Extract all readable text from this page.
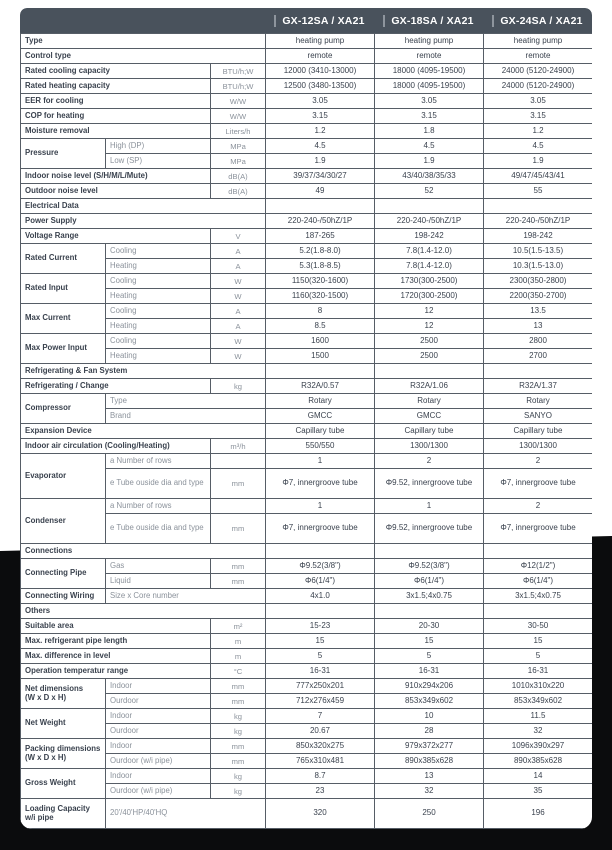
GX-12SA / XA21	GX-18SA / XA21	GX-24SA / XA21
Type			heating pump	heating pump	heating pump

Control type			remote	remote	remote

Rated cooling capacity		BTU/h;W	12000 (3410-13000)	18000 (4095-19500)	24000 (5120-24900)

Rated heating capacity		BTU/h;W	12500 (3480-13500)	18000 (4095-19500)	24000 (5120-24900)

EER for cooling		W/W	3.05	3.05	3.05

COP for heating		W/W	3.15	3.15	3.15

Moisture removal		Liters/h	1.2	1.8	1.2

Pressure	High (DP)	MPa	4.5	4.5	4.5
	Low (SP)	MPa	1.9	1.9	1.9

Indoor noise level (S/H/M/L/Mute)		dB(A)	39/37/34/30/27	43/40/38/35/33	49/47/45/43/41

Outdoor noise level		dB(A)	49	52	55

Electrical Data					

Power Supply			220-240-/50hZ/1P	220-240-/50hZ/1P	220-240-/50hZ/1P

Voltage Range		V	187-265	198-242	198-242

Rated Current	Cooling	A	5.2(1.8-8.0)	7.8(1.4-12.0)	10.5(1.5-13.5)
	Heating	A	5.3(1.8-8.5)	7.8(1.4-12.0)	10.3(1.5-13.0)

Rated Input	Cooling	W	1150(320-1600)	1730(300-2500)	2300(350-2800)
	Heating	W	1160(320-1500)	1720(300-2500)	2200(350-2700)

Max Current	Cooling	A	8	12	13.5
	Heating	A	8.5	12	13

Max Power Input	Cooling	W	1600	2500	2800
	Heating	W	1500	2500	2700

Refrigerating & Fan System					

Refrigerating / Change		kg	R32A/0.57	R32A/1.06	R32A/1.37

Compressor	Type		Rotary	Rotary	Rotary
	Brand		GMCC	GMCC	SANYO

Expansion Device			Capillary tube	Capillary tube	Capillary tube

Indoor air circulation (Cooling/Heating)		m³/h	550/550	1300/1300	1300/1300

Evaporator	a Number of rows		1	2	2
	e Tube ouside dia and type	mm	Φ7, innergroove tube	Φ9.52, innergroove tube	Φ7, innergroove tube

Condenser	a Number of rows		1	1	2
	e Tube ouside dia and type	mm	Φ7, innergroove tube	Φ9.52, innergroove tube	Φ7, innergroove tube

Connections					

Connecting Pipe	Gas	mm	Φ9.52(3/8")	Φ9.52(3/8")	Φ12(1/2")
	Liquid	mm	Φ6(1/4")	Φ6(1/4")	Φ6(1/4")

Connecting Wiring	Size x Core number		4x1.0	3x1.5;4x0.75	3x1.5;4x0.75

Others					

Suitable area		m²	15-23	20-30	30-50

Max. refrigerant pipe length		m	15	15	15

Max. difference in level		m	5	5	5

Operation temperatur range		°C	16-31	16-31	16-31

Net dimensions
(W x D x H)	Indoor	mm	777x250x201	910x294x206	1010x310x220
	Ourdoor	mm	712x276x459	853x349x602	853x349x602

Net Weight	Indoor	kg	7	10	11.5
	Ourdoor	kg	20.67	28	32

Packing dimensions
(W x D x H)	Indoor	mm	850x320x275	979x372x277	1096x390x297
	Ourdoor (w/i pipe)	mm	765x310x481	890x385x628	890x385x628

Gross Weight	Indoor	kg	8.7	13	14
	Ourdoor (w/i pipe)	kg	23	32	35

Loading Capacity
w/i pipe	20'/40'HP/40'HQ		320	250	196
